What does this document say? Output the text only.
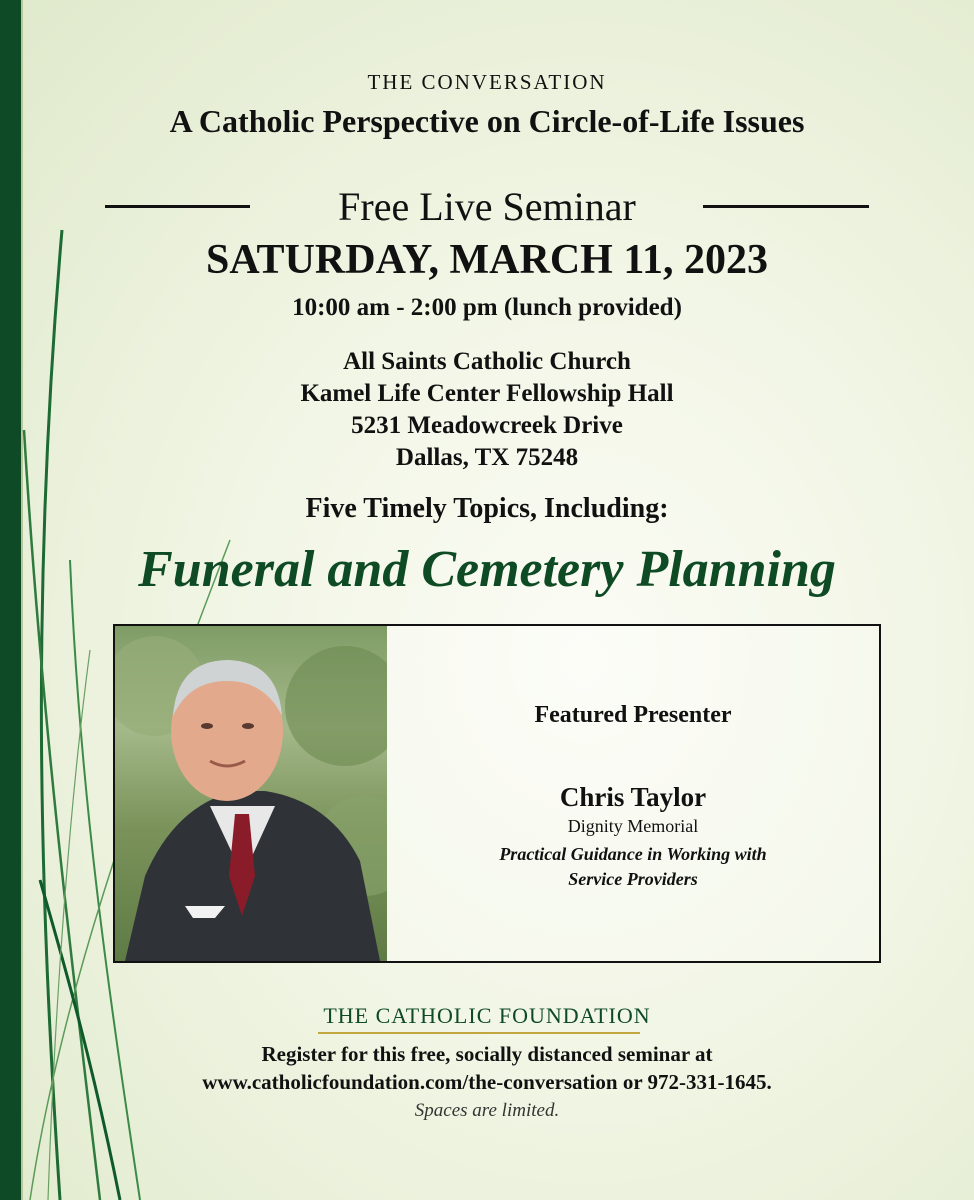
THE CONVERSATION
A Catholic Perspective on Circle-of-Life Issues
Free Live Seminar
SATURDAY, MARCH 11, 2023
10:00 am - 2:00 pm (lunch provided)
All Saints Catholic Church
Kamel Life Center Fellowship Hall
5231 Meadowcreek Drive
Dallas, TX 75248
Five Timely Topics, Including:
Funeral and Cemetery Planning
Featured Presenter
Chris Taylor
Dignity Memorial
Practical Guidance in Working with
Service Providers
THE CATHOLIC FOUNDATION
Register for this free, socially distanced seminar at
www.catholicfoundation.com/the-conversation or 972-331-1645.
Spaces are limited.
